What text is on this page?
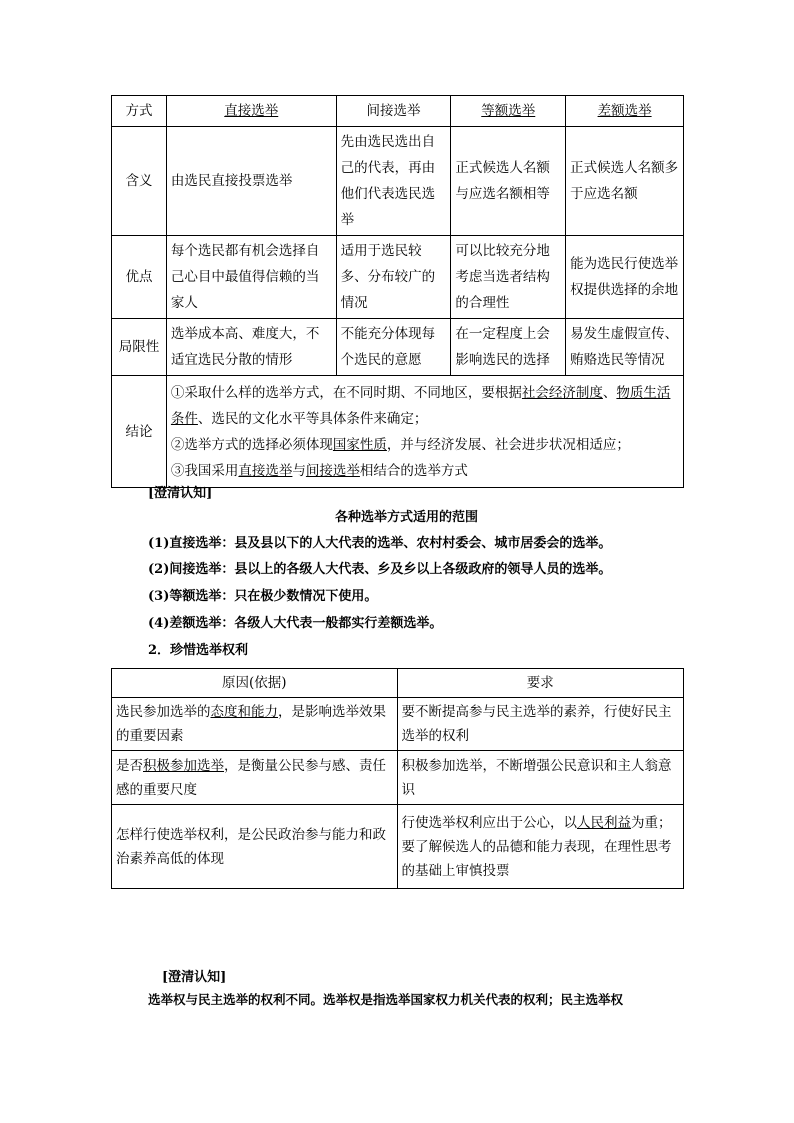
方式	直接选举	间接选举	等额选举	差额选举
含义	由选民直接投票选举	先由选民选出自己的代表，再由他们代表选民选举	正式候选人名额与应选名额相等	正式候选人名额多于应选名额
优点	每个选民都有机会选择自己心目中最值得信赖的当家人	适用于选民较多、分布较广的情况	可以比较充分地考虑当选者结构的合理性	能为选民行使选举权提供选择的余地
局限性	选举成本高、难度大，不适宜选民分散的情形	不能充分体现每个选民的意愿	在一定程度上会影响选民的选择	易发生虚假宣传、贿赂选民等情况
结论	①采取什么样的选举方式，在不同时期、不同地区，要根据社会经济制度、物质生活条件、选民的文化水平等具体条件来确定；
②选举方式的选择必须体现国家性质，并与经济发展、社会进步状况相适应；
③我国采用直接选举与间接选举相结合的选举方式			
[澄清认知]
各种选举方式适用的范围
(1)直接选举：县及县以下的人大代表的选举、农村村委会、城市居委会的选举。
(2)间接选举：县以上的各级人大代表、乡及乡以上各级政府的领导人员的选举。
(3)等额选举：只在极少数情况下使用。
(4)差额选举：各级人大代表一般都实行差额选举。
2．珍惜选举权利
原因(依据)	要求
选民参加选举的态度和能力，是影响选举效果的重要因素	要不断提高参与民主选举的素养，行使好民主选举的权利
是否积极参加选举，是衡量公民参与感、责任感的重要尺度	积极参加选举，不断增强公民意识和主人翁意识
怎样行使选举权利，是公民政治参与能力和政治素养高低的体现	行使选举权利应出于公心，以人民利益为重；要了解候选人的品德和能力表现，在理性思考的基础上审慎投票
[澄清认知]
选举权与民主选举的权利不同。选举权是指选举国家权力机关代表的权利；民主选举权
